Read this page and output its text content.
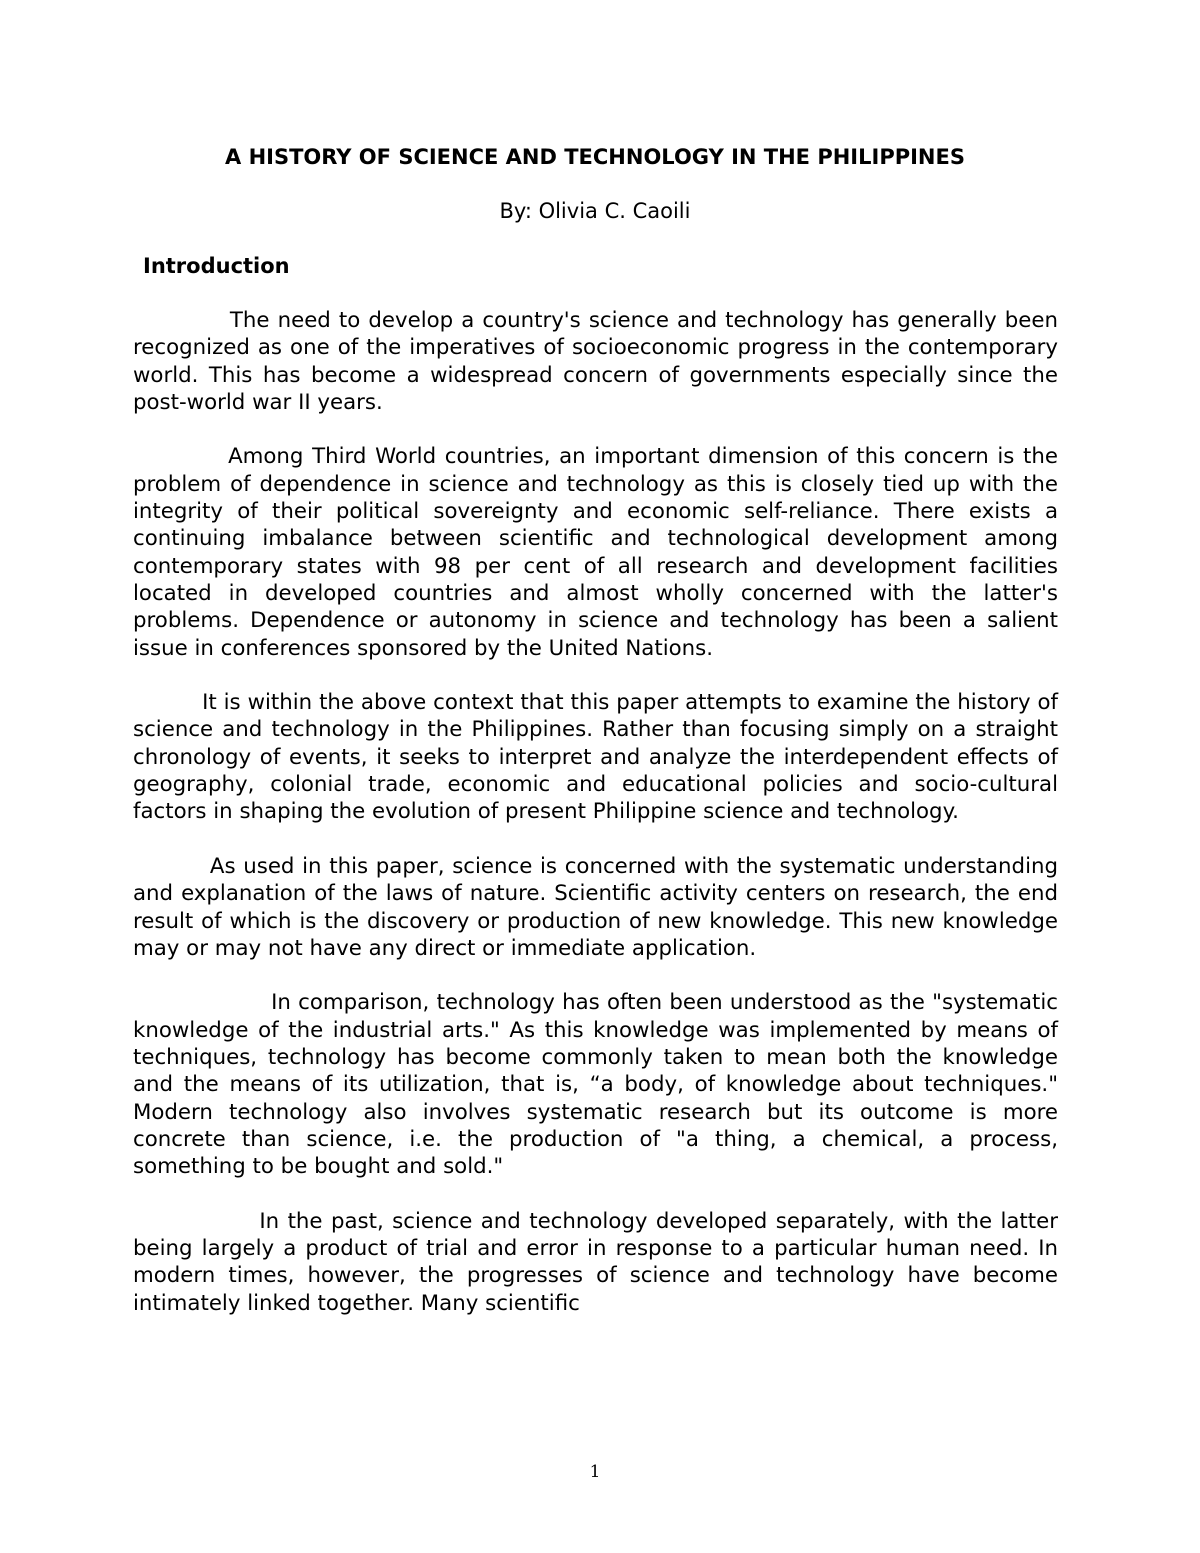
A HISTORY OF SCIENCE AND TECHNOLOGY IN THE PHILIPPINES
By: Olivia C. Caoili
Introduction

The need to develop a country's science and technology has generally been recognized as one of the imperatives of socioeconomic progress in the contemporary world. This has become a widespread concern of governments especially since the post-world war II years.

Among Third World countries, an important dimension of this concern is the problem of dependence in science and technology as this is closely tied up with the integrity of their political sovereignty and economic self-reliance. There exists a continuing imbalance between scientific and technological development among contemporary states with 98 per cent of all research and development facilities located in developed countries and almost wholly concerned with the latter's problems. Dependence or autonomy in science and technology has been a salient issue in conferences sponsored by the United Nations.

It is within the above context that this paper attempts to examine the history of science and technology in the Philippines. Rather than focusing simply on a straight chronology of events, it seeks to interpret and analyze the interdependent effects of geography, colonial trade, economic and educational policies and socio-cultural factors in shaping the evolution of present Philippine science and technology.

As used in this paper, science is concerned with the systematic understanding and explanation of the laws of nature. Scientific activity centers on research, the end result of which is the discovery or production of new knowledge. This new knowledge may or may not have any direct or immediate application.

In comparison, technology has often been understood as the "systematic knowledge of the industrial arts." As this knowledge was implemented by means of techniques, technology has become commonly taken to mean both the knowledge and the means of its utilization, that is, “a body, of knowledge about techniques." Modern technology also involves systematic research but its outcome is more concrete than science, i.e. the production of "a thing, a chemical, a process, something to be bought and sold."

In the past, science and technology developed separately, with the latter being largely a product of trial and error in response to a particular human need. In modern times, however, the progresses of science and technology have become intimately linked together. Many scientific

1
